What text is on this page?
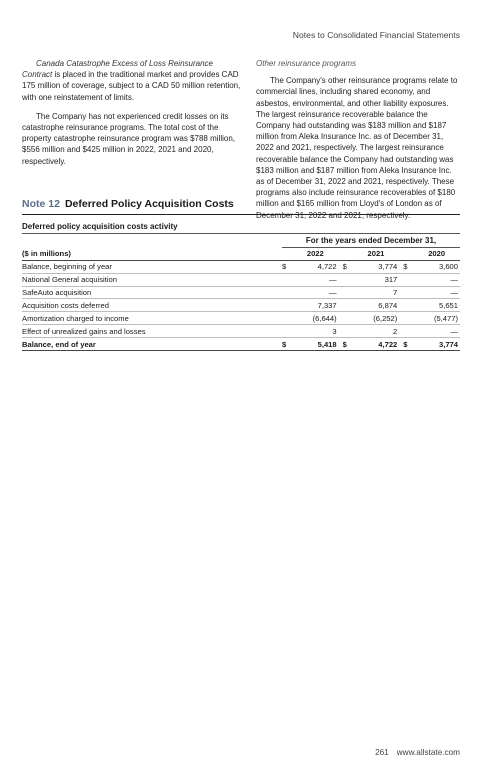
Notes to Consolidated Financial Statements

Canada Catastrophe Excess of Loss Reinsurance Contract is placed in the traditional market and provides CAD 175 million of coverage, subject to a CAD 50 million retention, with one reinstatement of limits.

The Company has not experienced credit losses on its catastrophe reinsurance programs. The total cost of the property catastrophe reinsurance program was $788 million, $556 million and $425 million in 2022, 2021 and 2020, respectively.

Other reinsurance programs

The Company's other reinsurance programs relate to commercial lines, including shared economy, and asbestos, environmental, and other liability exposures. The largest reinsurance recoverable balance the Company had outstanding was $183 million and $187 million from Aleka Insurance Inc. as of December 31, 2022 and 2021, respectively. The largest reinsurance recoverable balance the Company had outstanding was $183 million and $187 million from Aleka Insurance Inc. as of December 31, 2022 and 2021, respectively. These programs also include reinsurance recoverables of $180 million and $165 million from Lloyd's of London as of December 31, 2022 and 2021, respectively.

Note 12 Deferred Policy Acquisition Costs
Deferred policy acquisition costs activity
	For the years ended December 31,							
($ in millions)		2022			2021			2020
Balance, beginning of year	$	4,722		$	3,774		$	3,600
National General acquisition		—			317			—
SafeAuto acquisition		—			7			—
Acquisition costs deferred		7,337			6,874			5,651
Amortization charged to income		(6,644)			(6,252)			(5,477)
Effect of unrealized gains and losses		3			2			—
Balance, end of year	$	5,418		$	4,722		$	3,774
261 www.allstate.com
